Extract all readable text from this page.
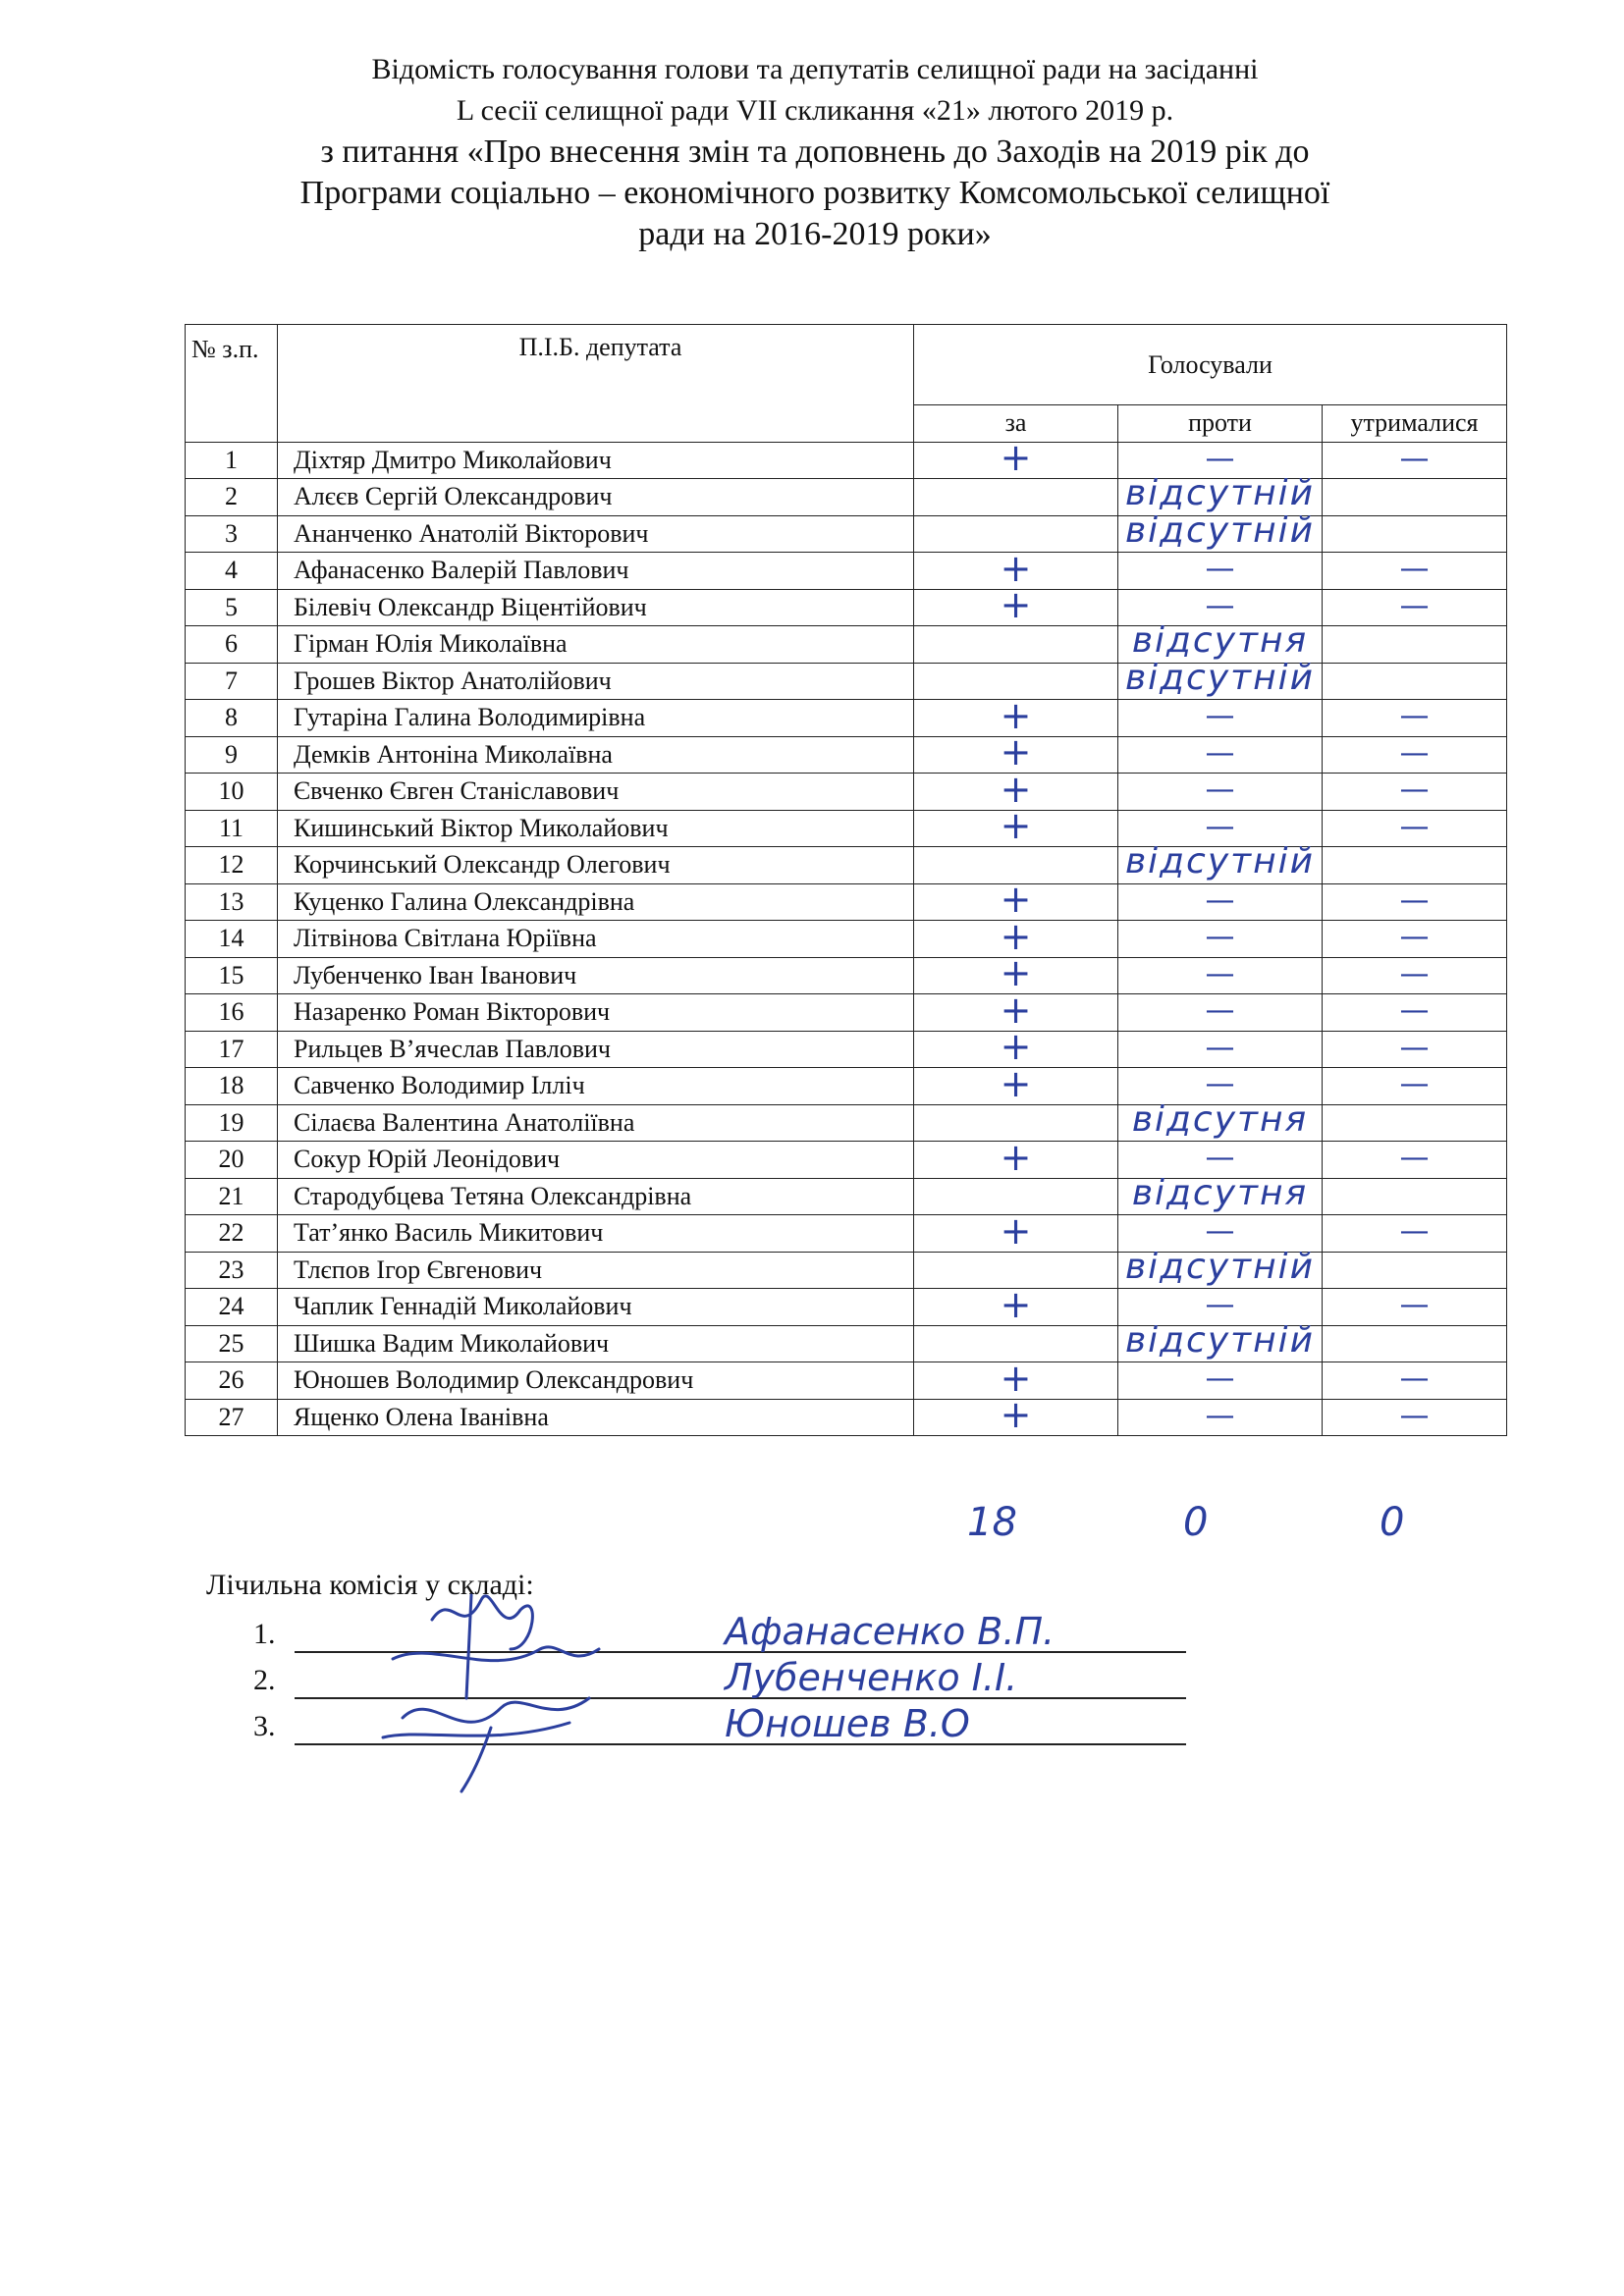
Відомість голосування голови та депутатів селищної ради на засіданні
L сесії селищної ради VII скликання «21» лютого 2019 р.
з питання «Про внесення змін та доповнень до Заходів на 2019 рік до
Програми соціально – економічного розвитку Комсомольської селищної
ради на 2016-2019 роки»
№ з.п.	П.І.Б. депутата	Голосували		
		за	проти	утрималися
1	Діхтяр Дмитро Миколайович	+	—	—
2	Алєєв Сергій Олександрович		відсутній	

3	Ананченко Анатолій Вікторович		відсутній	

4	Афанасенко Валерій Павлович	+	—	—
5	Білевіч Олександр Віцентійович	+	—	—
6	Гірман Юлія Миколаївна		відсутня	

7	Грошев Віктор Анатолійович		відсутній	

8	Гутаріна Галина Володимирівна	+	—	—
9	Демків Антоніна Миколаївна	+	—	—
10	Євченко Євген Станіславович	+	—	—
11	Кишинський Віктор Миколайович	+	—	—
12	Корчинський Олександр Олегович		відсутній	

13	Куценко Галина Олександрівна	+	—	—
14	Літвінова Світлана Юріївна	+	—	—
15	Лубенченко Іван Іванович	+	—	—
16	Назаренко Роман Вікторович	+	—	—
17	Рильцев В’ячеслав Павлович	+	—	—
18	Савченко Володимир Ілліч	+	—	—
19	Сілаєва Валентина Анатоліївна		відсутня	

20	Сокур Юрій Леонідович	+	—	—
21	Стародубцева Тетяна Олександрівна		відсутня	

22	Тат’янко Василь Микитович	+	—	—
23	Тлєпов Ігор Євгенович		відсутній	

24	Чаплик Геннадій Миколайович	+	—	—
25	Шишка Вадим Миколайович		відсутній	

26	Юношев Володимир Олександрович	+	—	—
27	Ященко Олена Іванівна	+	—	—
18	0	0
Лічильна комісія у складі:
1.	Афанасенко В.П.
2.	Лубенченко І.І.
3.	Юношев В.О
